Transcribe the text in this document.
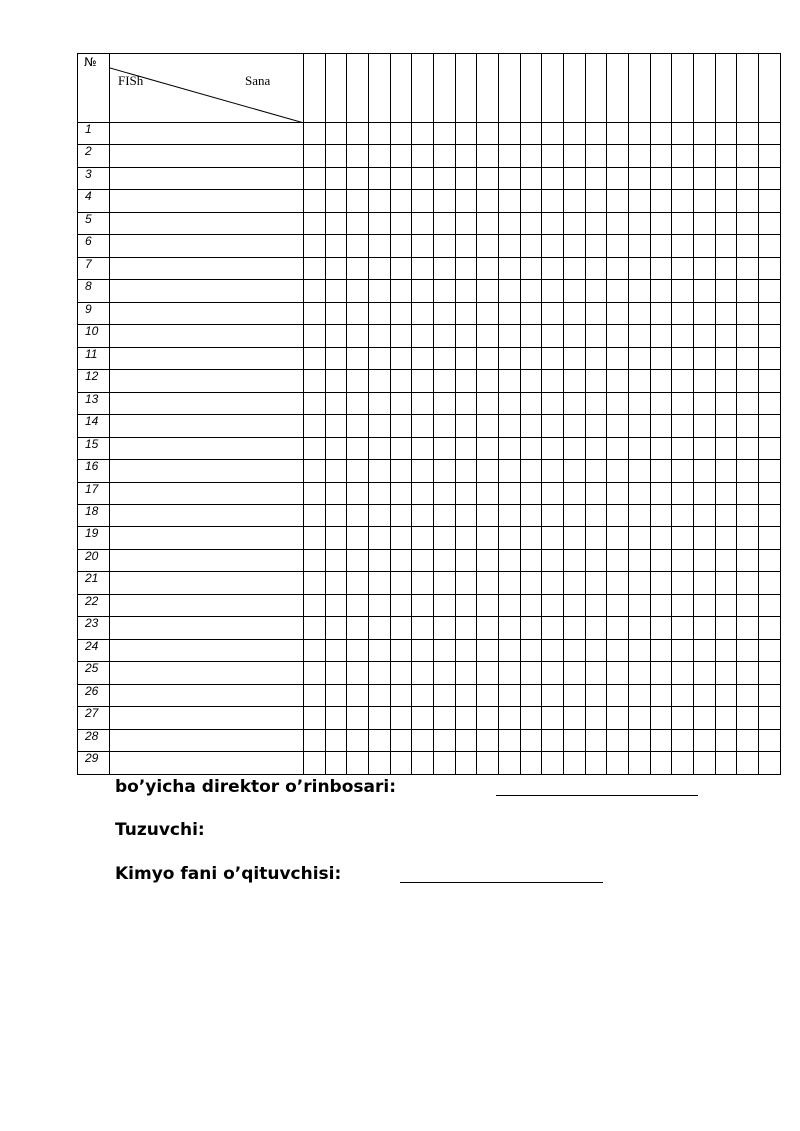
№	FISh Sana																						

1																							

2																							

3																							

4																							

5																							

6																							

7																							

8																							

9																							

10																							

11																							

12																							

13																							

14																							

15																							

16																							

17																							

18																							

19																							

20																							

21																							

22																							

23																							

24																							

25																							

26																							

27																							

28																							

29																							

bo’yicha direktor o’rinbosari:
Tuzuvchi:
Kimyo fani o’qituvchisi:
